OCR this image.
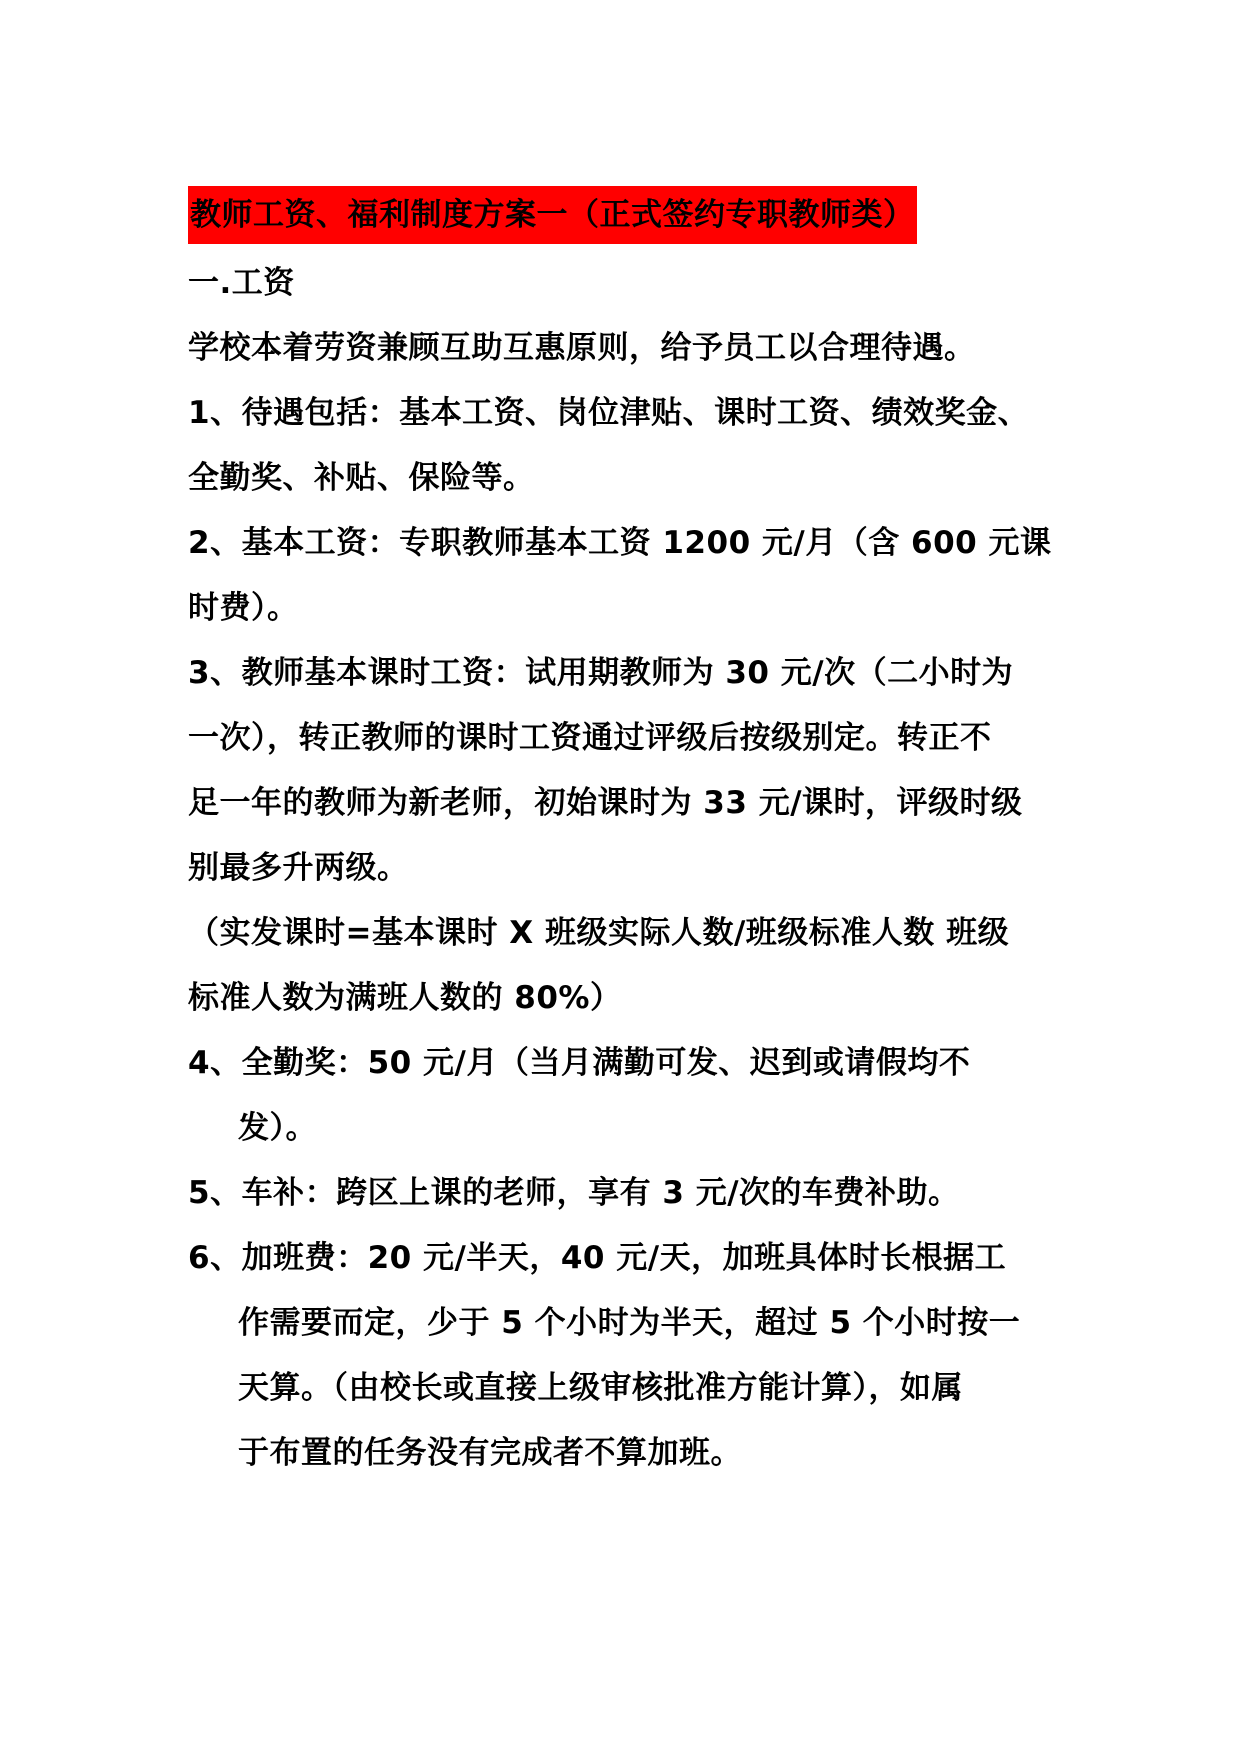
教师工资、福利制度方案一（正式签约专职教师类）
一.工资
学校本着劳资兼顾互助互惠原则，给予员工以合理待遇。
1、待遇包括：基本工资、岗位津贴、课时工资、绩效奖金、
全勤奖、补贴、保险等。
2、基本工资：专职教师基本工资 1200 元/月（含 600 元课
时费）。
3、教师基本课时工资：试用期教师为 30 元/次（二小时为
一次），转正教师的课时工资通过评级后按级别定。转正不
足一年的教师为新老师，初始课时为 33 元/课时，评级时级
别最多升两级。
（实发课时=基本课时 X 班级实际人数/班级标准人数 班级
标准人数为满班人数的 80%）
4、全勤奖：50 元/月（当月满勤可发、迟到或请假均不
发）。
5、车补：跨区上课的老师，享有 3 元/次的车费补助。
6、加班费：20 元/半天，40 元/天，加班具体时长根据工
作需要而定，少于 5 个小时为半天，超过 5 个小时按一
天算。（由校长或直接上级审核批准方能计算），如属
于布置的任务没有完成者不算加班。
